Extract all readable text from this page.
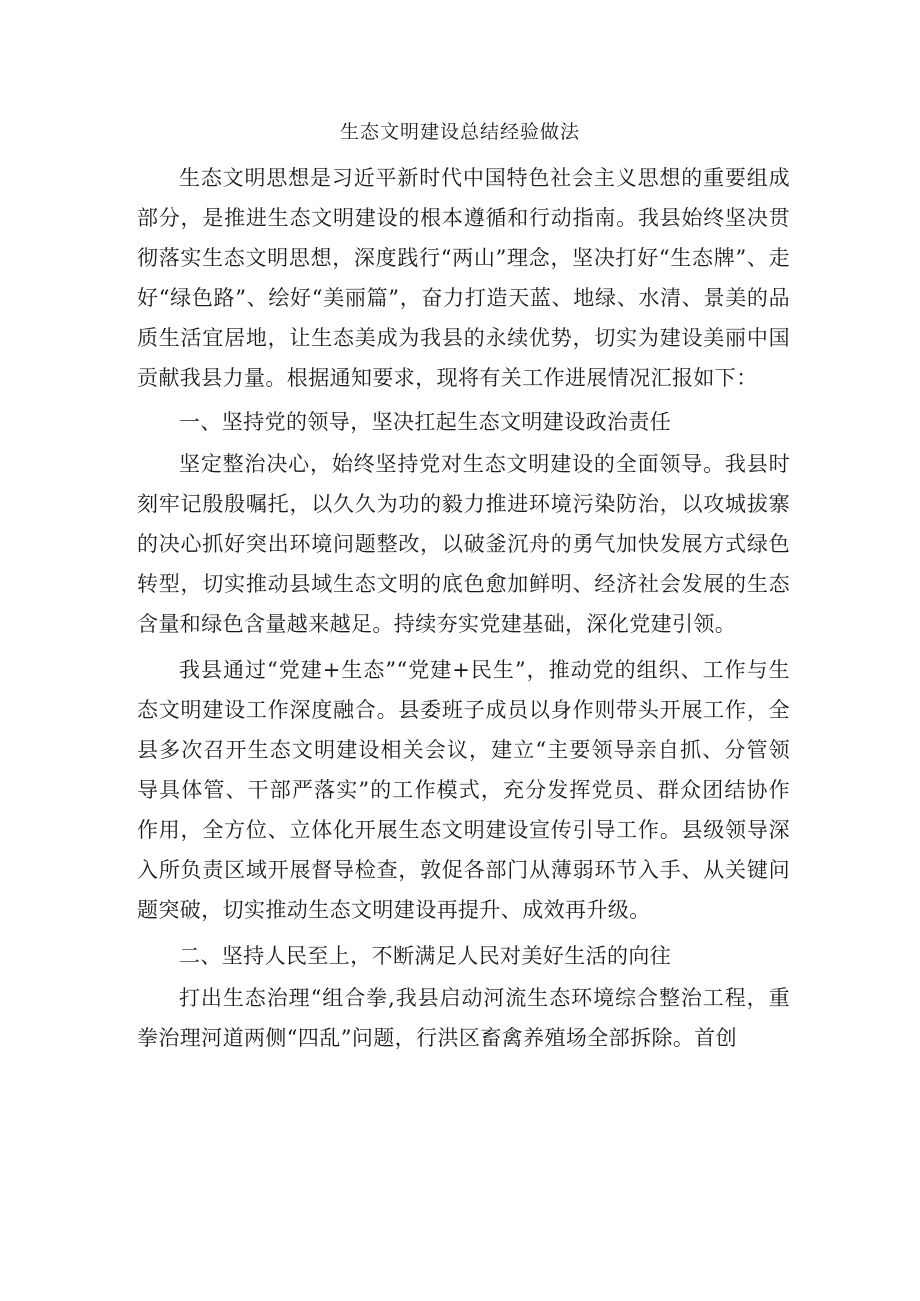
生态文明建设总结经验做法

生态文明思想是习近平新时代中国特色社会主义思想的重要组成部分，是推进生态文明建设的根本遵循和行动指南。我县始终坚决贯彻落实生态文明思想，深度践行“两山”理念，坚决打好“生态牌”、走好“绿色路”、绘好“美丽篇”，奋力打造天蓝、地绿、水清、景美的品质生活宜居地，让生态美成为我县的永续优势，切实为建设美丽中国贡献我县力量。根据通知要求，现将有关工作进展情况汇报如下：

一、坚持党的领导，坚决扛起生态文明建设政治责任

坚定整治决心，始终坚持党对生态文明建设的全面领导。我县时刻牢记殷殷嘱托，以久久为功的毅力推进环境污染防治，以攻城拔寨的决心抓好突出环境问题整改，以破釜沉舟的勇气加快发展方式绿色转型，切实推动县域生态文明的底色愈加鲜明、经济社会发展的生态含量和绿色含量越来越足。持续夯实党建基础，深化党建引领。

我县通过“党建+生态”“党建+民生”，推动党的组织、工作与生态文明建设工作深度融合。县委班子成员以身作则带头开展工作，全县多次召开生态文明建设相关会议，建立“主要领导亲自抓、分管领导具体管、干部严落实”的工作模式，充分发挥党员、群众团结协作作用，全方位、立体化开展生态文明建设宣传引导工作。县级领导深入所负责区域开展督导检查，敦促各部门从薄弱环节入手、从关键问题突破，切实推动生态文明建设再提升、成效再升级。

二、坚持人民至上，不断满足人民对美好生活的向往

打出生态治理“组合拳,我县启动河流生态环境综合整治工程，重拳治理河道两侧“四乱”问题，行洪区畜禽养殖场全部拆除。首创
